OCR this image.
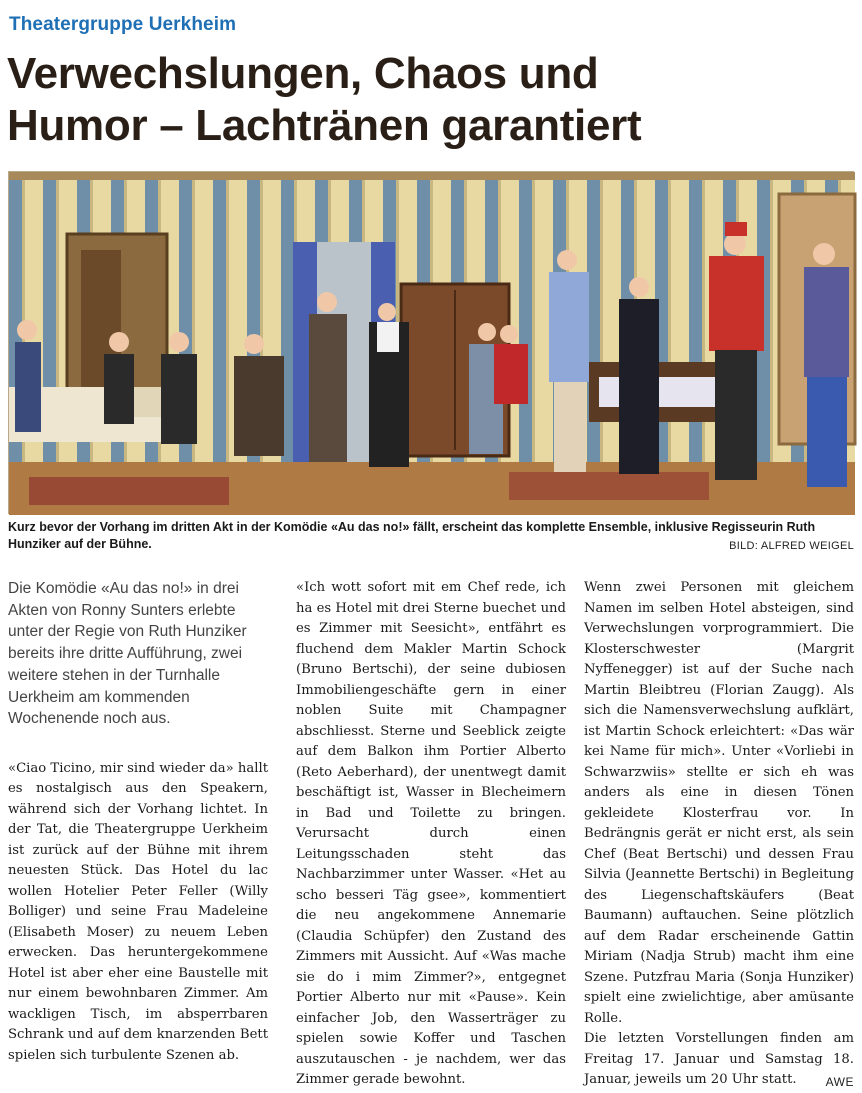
Theatergruppe Uerkheim
Verwechslungen, Chaos und
Humor – Lachtränen garantiert

Kurz bevor der Vorhang im dritten Akt in der Komödie «Au das no!» fällt, erscheint das komplette Ensemble, inklusive Regisseurin Ruth Hunziker auf der Bühne.	BILD: ALFRED WEIGEL

Die Komödie «Au das no!» in drei Akten von Ronny Sunters erlebte unter der Regie von Ruth Hunziker bereits ihre dritte Aufführung, zwei weitere stehen in der Turnhalle Uerkheim am kommenden Wochenende noch aus.

«Ciao Ticino, mir sind wieder da» hallt es nostalgisch aus den Speakern, während sich der Vorhang lichtet. In der Tat, die Theatergruppe Uerkheim ist zurück auf der Bühne mit ihrem neuesten Stück. Das Hotel du lac wollen Hotelier Peter Feller (Willy Bolliger) und seine Frau Madeleine (Elisabeth Moser) zu neuem Leben erwecken. Das heruntergekommene Hotel ist aber eher eine Baustelle mit nur einem bewohnbaren Zimmer. Am wackligen Tisch, im absperrbaren Schrank und auf dem knarzenden Bett spielen sich turbulente Szenen ab.

«Ich wott sofort mit em Chef rede, ich ha es Hotel mit drei Sterne buechet und es Zimmer mit Seesicht», entfährt es fluchend dem Makler Martin Schock (Bruno Bertschi), der seine dubiosen Immobiliengeschäfte gern in einer noblen Suite mit Champagner abschliesst. Sterne und Seeblick zeigte auf dem Balkon ihm Portier Alberto (Reto Aeberhard), der unentwegt damit beschäftigt ist, Wasser in Blecheimern in Bad und Toilette zu bringen. Verursacht durch einen Leitungsschaden steht das Nachbarzimmer unter Wasser. «Het au scho besseri Täg gsee», kommentiert die neu angekommene Annemarie (Claudia Schüpfer) den Zustand des Zimmers mit Aussicht. Auf «Was mache sie do i mim Zimmer?», entgegnet Portier Alberto nur mit «Pause». Kein einfacher Job, den Wasserträger zu spielen sowie Koffer und Taschen auszutauschen - je nachdem, wer das Zimmer gerade bewohnt.

Wenn zwei Personen mit gleichem Namen im selben Hotel absteigen, sind Verwechslungen vorprogrammiert. Die Klosterschwester (Margrit Nyffenegger) ist auf der Suche nach Martin Bleibtreu (Florian Zaugg). Als sich die Namensverwechslung aufklärt, ist Martin Schock erleichtert: «Das wär kei Name für mich». Unter «Vorliebi in Schwarzwiis» stellte er sich eh was anders als eine in diesen Tönen gekleidete Klosterfrau vor. In Bedrängnis gerät er nicht erst, als sein Chef (Beat Bertschi) und dessen Frau Silvia (Jeannette Bertschi) in Begleitung des Liegenschaftskäufers (Beat Baumann) auftauchen. Seine plötzlich auf dem Radar erscheinende Gattin Miriam (Nadja Strub) macht ihm eine Szene. Putzfrau Maria (Sonja Hunziker) spielt eine zwielichtige, aber amüsante Rolle.

Die letzten Vorstellungen finden am Freitag 17. Januar und Samstag 18. Januar, jeweils um 20 Uhr statt. AWE
